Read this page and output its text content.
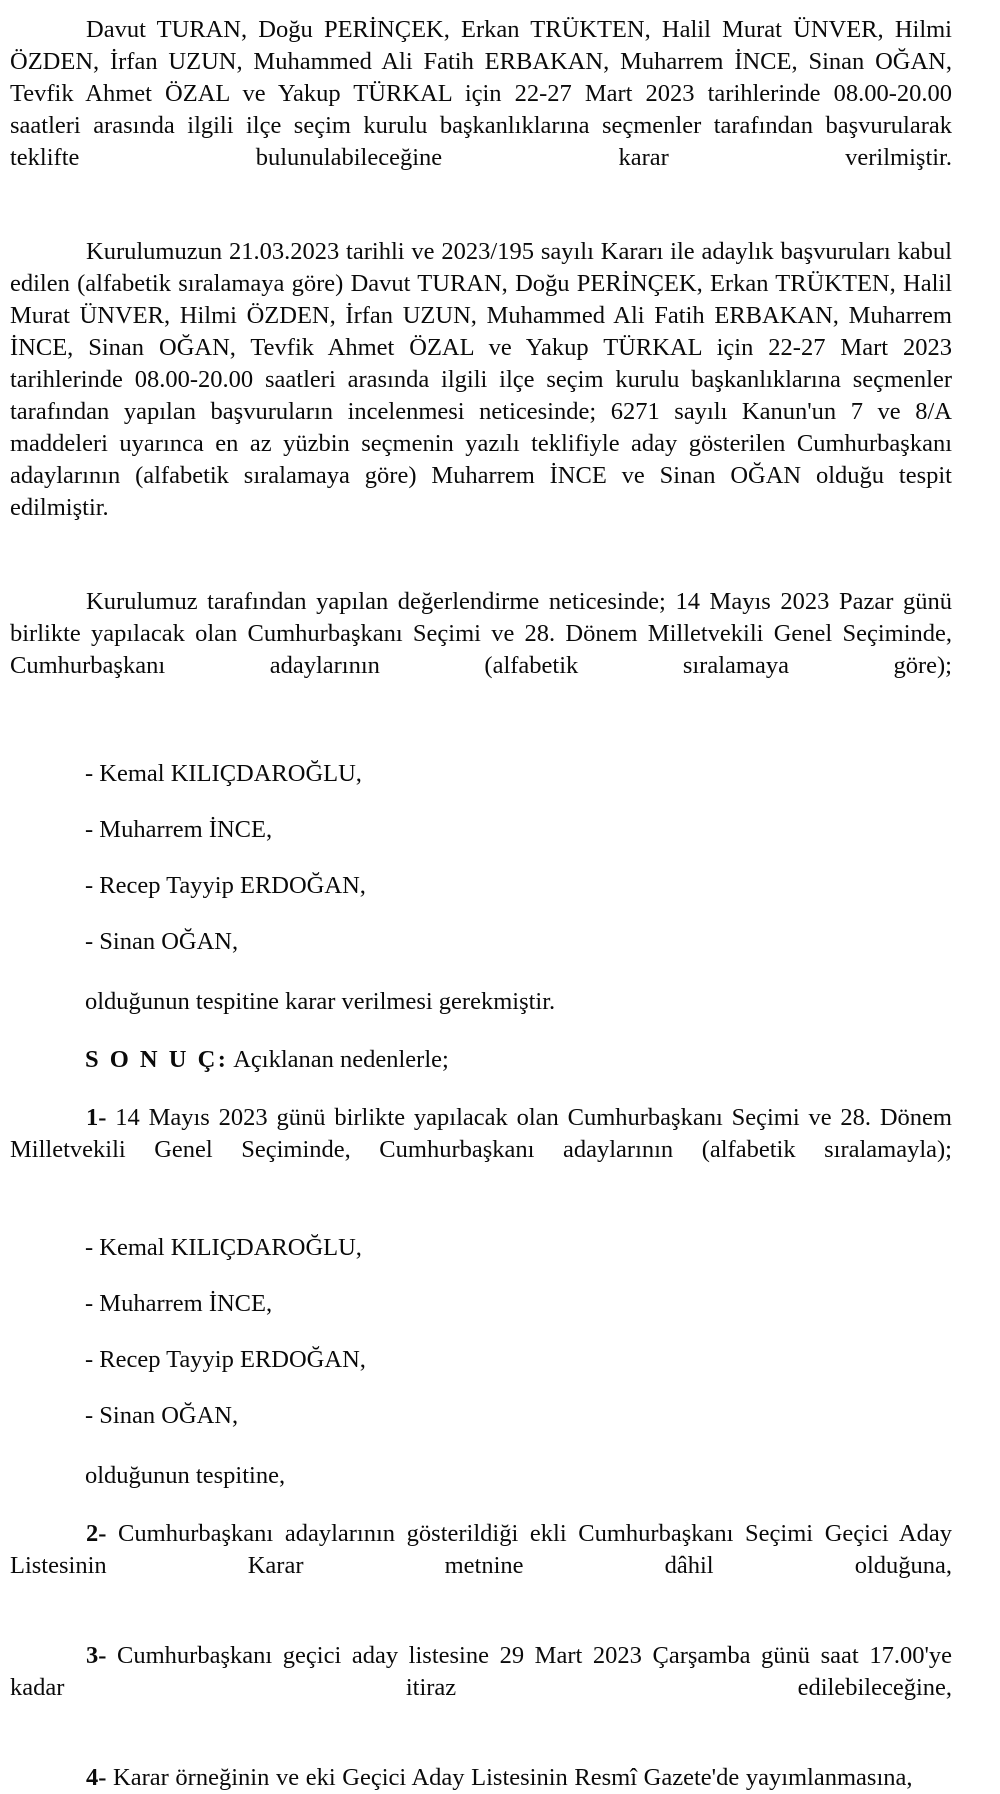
Davut TURAN, Doğu PERİNÇEK, Erkan TRÜKTEN, Halil Murat ÜNVER, Hilmi ÖZDEN, İrfan UZUN, Muhammed Ali Fatih ERBAKAN, Muharrem İNCE, Sinan OĞAN, Tevfik Ahmet ÖZAL ve Yakup TÜRKAL için 22-27 Mart 2023 tarihlerinde 08.00-20.00 saatleri arasında ilgili ilçe seçim kurulu başkanlıklarına seçmenler tarafından başvurularak teklifte bulunulabileceğine karar verilmiştir.

Kurulumuzun 21.03.2023 tarihli ve 2023/195 sayılı Kararı ile adaylık başvuruları kabul edilen (alfabetik sıralamaya göre) Davut TURAN, Doğu PERİNÇEK, Erkan TRÜKTEN, Halil Murat ÜNVER, Hilmi ÖZDEN, İrfan UZUN, Muhammed Ali Fatih ERBAKAN, Muharrem İNCE, Sinan OĞAN, Tevfik Ahmet ÖZAL ve Yakup TÜRKAL için 22-27 Mart 2023 tarihlerinde 08.00-20.00 saatleri arasında ilgili ilçe seçim kurulu başkanlıklarına seçmenler tarafından yapılan başvuruların incelenmesi neticesinde; 6271 sayılı Kanun'un 7 ve 8/A maddeleri uyarınca en az yüzbin seçmenin yazılı teklifiyle aday gösterilen Cumhurbaşkanı adaylarının (alfabetik sıralamaya göre) Muharrem İNCE ve Sinan OĞAN olduğu tespit edilmiştir.

Kurulumuz tarafından yapılan değerlendirme neticesinde; 14 Mayıs 2023 Pazar günü birlikte yapılacak olan Cumhurbaşkanı Seçimi ve 28. Dönem Milletvekili Genel Seçiminde, Cumhurbaşkanı adaylarının (alfabetik sıralamaya göre);

- Kemal KILIÇDAROĞLU,

- Muharrem İNCE,

- Recep Tayyip ERDOĞAN,

- Sinan OĞAN,

olduğunun tespitine karar verilmesi gerekmiştir.

S O N U Ç: Açıklanan nedenlerle;

1- 14 Mayıs 2023 günü birlikte yapılacak olan Cumhurbaşkanı Seçimi ve 28. Dönem Milletvekili Genel Seçiminde, Cumhurbaşkanı adaylarının (alfabetik sıralamayla);

- Kemal KILIÇDAROĞLU,

- Muharrem İNCE,

- Recep Tayyip ERDOĞAN,

- Sinan OĞAN,

olduğunun tespitine,

2- Cumhurbaşkanı adaylarının gösterildiği ekli Cumhurbaşkanı Seçimi Geçici Aday Listesinin Karar metnine dâhil olduğuna,

3- Cumhurbaşkanı geçici aday listesine 29 Mart 2023 Çarşamba günü saat 17.00'ye kadar itiraz edilebileceğine,

4- Karar örneğinin ve eki Geçici Aday Listesinin Resmî Gazete'de yayımlanmasına,
